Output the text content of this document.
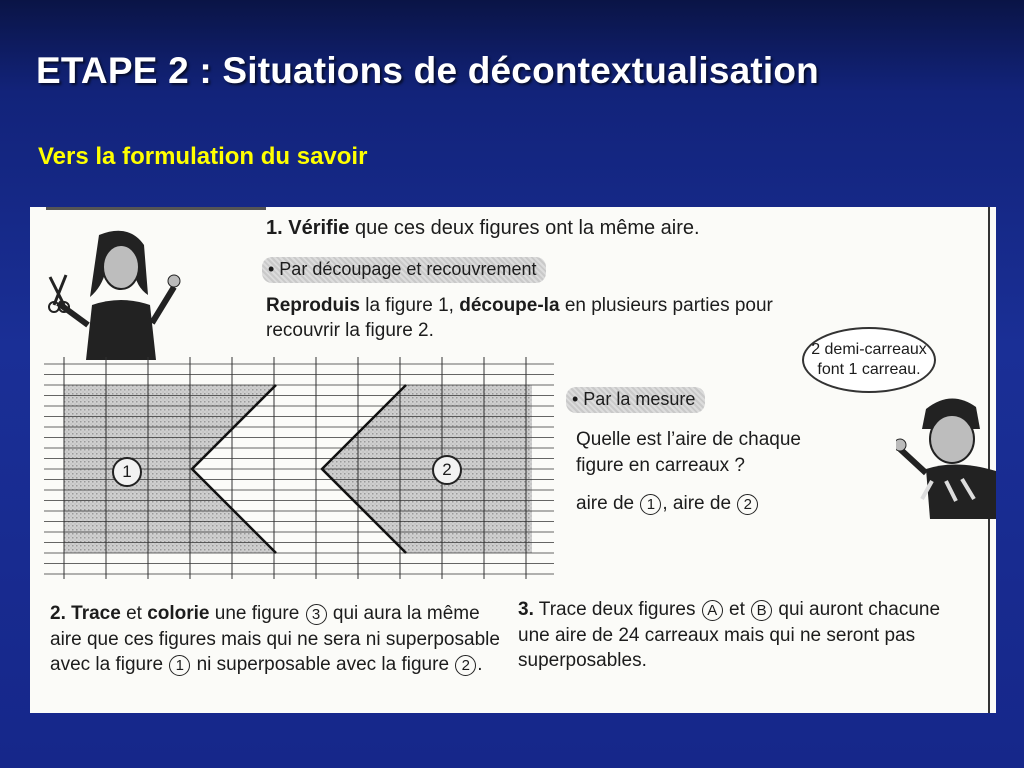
ETAPE 2 : Situations de décontextualisation
Vers la formulation du savoir
1. Vérifie que ces deux figures ont la même aire.
• Par découpage et recouvrement
Reproduis la figure 1, découpe-la en plusieurs parties pour recouvrir la figure 2.
2 demi-carreaux font 1 carreau.
• Par la mesure
Quelle est l’aire de chaque figure en carreaux ?
aire de 1 , aire de 2
1	2
2. Trace et colorie une figure 3 qui aura la même aire que ces figures mais qui ne sera ni superposable avec la figure 1 ni superposable avec la figure 2 .
3. Trace deux figures A et B qui auront chacune une aire de 24 carreaux mais qui ne seront pas superposables.
